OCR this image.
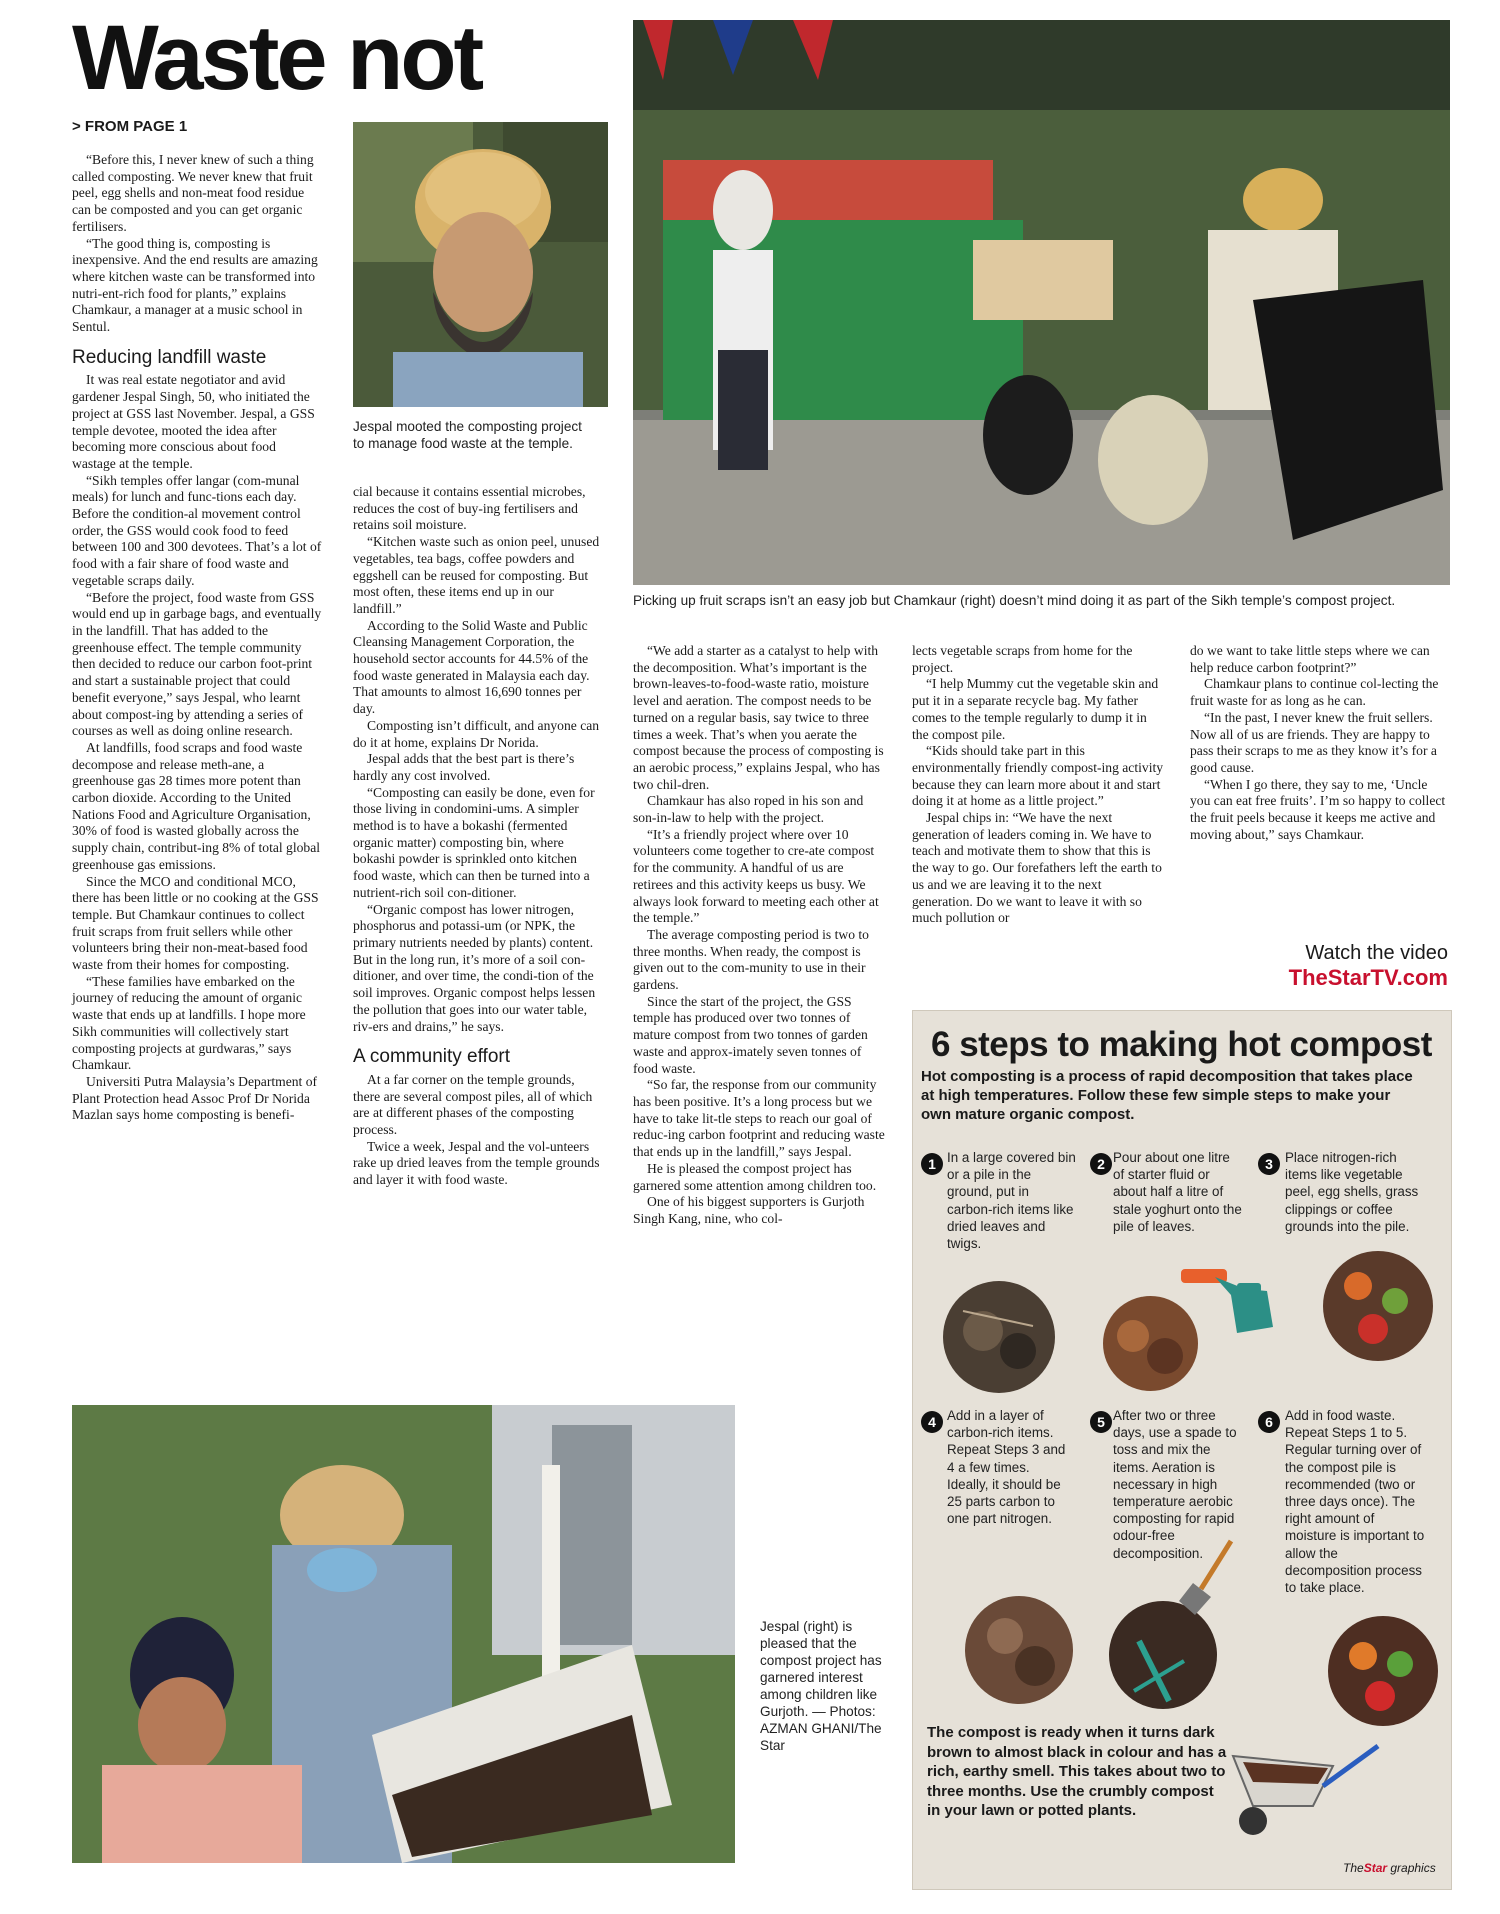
Waste not
> FROM PAGE 1

“Before this, I never knew of such a thing called composting. We never knew that fruit peel, egg shells and non-meat food residue can be composted and you can get organic fertilisers.

“The good thing is, composting is inexpensive. And the end results are amazing where kitchen waste can be transformed into nutri-ent-rich food for plants,” explains Chamkaur, a manager at a music school in Sentul.

Reducing landfill waste

It was real estate negotiator and avid gardener Jespal Singh, 50, who initiated the project at GSS last November. Jespal, a GSS temple devotee, mooted the idea after becoming more conscious about food wastage at the temple.

“Sikh temples offer langar (com-munal meals) for lunch and func-tions each day. Before the condition-al movement control order, the GSS would cook food to feed between 100 and 300 devotees. That’s a lot of food with a fair share of food waste and vegetable scraps daily.

“Before the project, food waste from GSS would end up in garbage bags, and eventually in the landfill. That has added to the greenhouse effect. The temple community then decided to reduce our carbon foot-print and start a sustainable project that could benefit everyone,” says Jespal, who learnt about compost-ing by attending a series of courses as well as doing online research.

At landfills, food scraps and food waste decompose and release meth-ane, a greenhouse gas 28 times more potent than carbon dioxide. According to the United Nations Food and Agriculture Organisation, 30% of food is wasted globally across the supply chain, contribut-ing 8% of total global greenhouse gas emissions.

Since the MCO and conditional MCO, there has been little or no cooking at the GSS temple. But Chamkaur continues to collect fruit scraps from fruit sellers while other volunteers bring their non-meat-based food waste from their homes for composting.

“These families have embarked on the journey of reducing the amount of organic waste that ends up at landfills. I hope more Sikh communities will collectively start composting projects at gurdwaras,” says Chamkaur.

Universiti Putra Malaysia’s Department of Plant Protection head Assoc Prof Dr Norida Mazlan says home composting is benefi-

Jespal mooted the composting project to manage food waste at the temple.

cial because it contains essential microbes, reduces the cost of buy-ing fertilisers and retains soil moisture.

“Kitchen waste such as onion peel, unused vegetables, tea bags, coffee powders and eggshell can be reused for composting. But most often, these items end up in our landfill.”

According to the Solid Waste and Public Cleansing Management Corporation, the household sector accounts for 44.5% of the food waste generated in Malaysia each day. That amounts to almost 16,690 tonnes per day.

Composting isn’t difficult, and anyone can do it at home, explains Dr Norida.

Jespal adds that the best part is there’s hardly any cost involved.

“Composting can easily be done, even for those living in condomini-ums. A simpler method is to have a bokashi (fermented organic matter) composting bin, where bokashi powder is sprinkled onto kitchen food waste, which can then be turned into a nutrient-rich soil con-ditioner.

“Organic compost has lower nitrogen, phosphorus and potassi-um (or NPK, the primary nutrients needed by plants) content. But in the long run, it’s more of a soil con-ditioner, and over time, the condi-tion of the soil improves. Organic compost helps lessen the pollution that goes into our water table, riv-ers and drains,” he says.

A community effort

At a far corner on the temple grounds, there are several compost piles, all of which are at different phases of the composting process.

Twice a week, Jespal and the vol-unteers rake up dried leaves from the temple grounds and layer it with food waste.

Picking up fruit scraps isn’t an easy job but Chamkaur (right) doesn’t mind doing it as part of the Sikh temple’s compost project.

“We add a starter as a catalyst to help with the decomposition. What’s important is the brown-leaves-to-food-waste ratio, moisture level and aeration. The compost needs to be turned on a regular basis, say twice to three times a week. That’s when you aerate the compost because the process of composting is an aerobic process,” explains Jespal, who has two chil-dren.

Chamkaur has also roped in his son and son-in-law to help with the project.

“It’s a friendly project where over 10 volunteers come together to cre-ate compost for the community. A handful of us are retirees and this activity keeps us busy. We always look forward to meeting each other at the temple.”

The average composting period is two to three months. When ready, the compost is given out to the com-munity to use in their gardens.

Since the start of the project, the GSS temple has produced over two tonnes of mature compost from two tonnes of garden waste and approx-imately seven tonnes of food waste.

“So far, the response from our community has been positive. It’s a long process but we have to take lit-tle steps to reach our goal of reduc-ing carbon footprint and reducing waste that ends up in the landfill,” says Jespal.

He is pleased the compost project has garnered some attention among children too.

One of his biggest supporters is Gurjoth Singh Kang, nine, who col-

lects vegetable scraps from home for the project.

“I help Mummy cut the vegetable skin and put it in a separate recycle bag. My father comes to the temple regularly to dump it in the compost pile.

“Kids should take part in this environmentally friendly compost-ing activity because they can learn more about it and start doing it at home as a little project.”

Jespal chips in: “We have the next generation of leaders coming in. We have to teach and motivate them to show that this is the way to go. Our forefathers left the earth to us and we are leaving it to the next generation. Do we want to leave it with so much pollution or

do we want to take little steps where we can help reduce carbon footprint?”

Chamkaur plans to continue col-lecting the fruit waste for as long as he can.

“In the past, I never knew the fruit sellers. Now all of us are friends. They are happy to pass their scraps to me as they know it’s for a good cause.

“When I go there, they say to me, ‘Uncle you can eat free fruits’. I’m so happy to collect the fruit peels because it keeps me active and moving about,” says Chamkaur.

Watch the video
TheStarTV.com
Jespal (right) is pleased that the compost project has garnered interest among children like Gurjoth. — Photos: AZMAN GHANI/The Star
6 steps to making hot compost
Hot composting is a process of rapid decomposition that takes place at high temperatures. Follow these few simple steps to make your own mature organic compost.
1 In a large covered bin or a pile in the ground, put in carbon-rich items like dried leaves and twigs.
2 Pour about one litre of starter fluid or about half a litre of stale yoghurt onto the pile of leaves.
3 Place nitrogen-rich items like vegetable peel, egg shells, grass clippings or coffee grounds into the pile.
4 Add in a layer of carbon-rich items. Repeat Steps 3 and 4 a few times. Ideally, it should be 25 parts carbon to one part nitrogen.
5 After two or three days, use a spade to toss and mix the items. Aeration is necessary in high temperature aerobic composting for rapid odour-free decomposition.
6 Add in food waste. Repeat Steps 1 to 5. Regular turning over of the compost pile is recommended (two or three days once). The right amount of moisture is important to allow the decomposition process to take place.
The compost is ready when it turns dark brown to almost black in colour and has a rich, earthy smell. This takes about two to three months. Use the crumbly compost in your lawn or potted plants.
TheStar graphics
